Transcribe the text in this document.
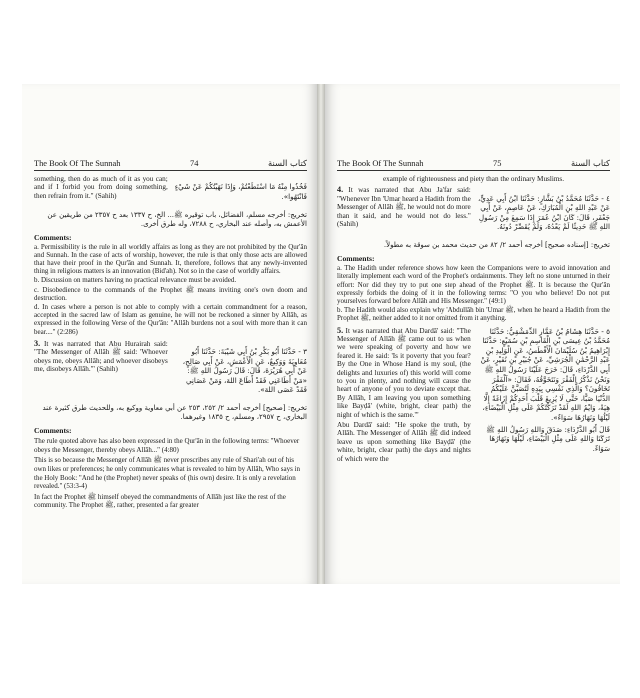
The Book Of The Sunnah	74	كتاب السنة

something, then do as much of it as you can; and if I forbid you from doing something, then refrain from it." (Sahih)

فَخُذُوا مِنْهُ مَا اسْتَطَعْتُمْ، وَإِذَا نَهَيْتُكُمْ عَنْ شَيْءٍ فَانْتَهُوا».

تخريج: أخرجه مسلم، الفضائل، باب توقيره ﷺ... الخ، ح ١٣٣٧ بعد ح ٢٣٥٧ من طريقين عن الأعمش به، وأصله عند البخاري، ح ٧٢٨٨، وله طرق أخرى.

Comments:

a. Permissibility is the rule in all worldly affairs as long as they are not prohibited by the Qur'ān and Sunnah. In the case of acts of worship, however, the rule is that only those acts are allowed that have their proof in the Qur'ān and Sunnah. It, therefore, follows that any newly-invented thing in religious matters is an innovation (Bid'ah). Not so in the case of worldly affairs.

b. Discussion on matters having no practical relevance must be avoided.

c. Disobedience to the commands of the Prophet ﷺ means inviting one's own doom and destruction.

d. In cases where a person is not able to comply with a certain commandment for a reason, accepted in the sacred law of Islam as genuine, he will not be reckoned a sinner by Allāh, as expressed in the following Verse of the Qur'ān: "Allāh burdens not a soul with more than it can bear...." (2:286)

3. It was narrated that Abu Hurairah said: "The Messenger of Allāh ﷺ said: 'Whoever obeys me, obeys Allāh; and whoever disobeys me, disobeys Allāh.'" (Sahih)

٣ - حَدَّثَنَا أَبُو بَكْرِ بْنُ أَبِي شَيْبَةَ: حَدَّثَنَا أَبُو مُعَاوِيَةَ وَوَكِيعٌ، عَنِ الْأَعْمَشِ، عَنْ أَبِي صَالِحٍ، عَنْ أَبِي هُرَيْرَةَ، قَالَ: قَالَ رَسُولُ اللهِ ﷺ: «مَنْ أَطَاعَنِي فَقَدْ أَطَاعَ اللهَ، وَمَنْ عَصَانِي فَقَدْ عَصَى اللهَ».

تخريج: [صحيح] أخرجه أحمد ٢/ ٢٥٢، ٢٥٣ عن أبي معاوية ووكيع به، وللحديث طرق كثيرة عند البخاري، ح ٢٩٥٧، ومسلم، ح ١٨٣٥ وغيرهما.

Comments:

The rule quoted above has also been expressed in the Qur'ān in the following terms: "Whoever obeys the Messenger, thereby obeys Allāh..." (4:80)

This is so because the Messenger of Allāh ﷺ never prescribes any rule of Shari'ah out of his own likes or preferences; he only communicates what is revealed to him by Allāh, Who says in the Holy Book: "And he (the Prophet) never speaks of (his own) desire. It is only a revelation revealed." (53:3-4)

In fact the Prophet ﷺ himself obeyed the commandments of Allāh just like the rest of the community. The Prophet ﷺ, rather, presented a far greater

The Book Of The Sunnah	75	كتاب السنة

example of righteousness and piety than the ordinary Muslims.

4. It was narrated that Abu Ja'far said: "Whenever Ibn 'Umar heard a Hadith from the Messenger of Allāh ﷺ, he would not do more than it said, and he would not do less." (Sahih)

٤ - حَدَّثَنَا مُحَمَّدُ بْنُ بَشَّارٍ: حَدَّثَنَا ابْنُ أَبِي عَدِيٍّ، عَنْ عَبْدِ اللهِ بْنِ الْمُبَارَكِ، عَنْ عَاصِمٍ، عَنْ أَبِي جَعْفَرٍ، قَالَ: كَانَ ابْنُ عُمَرَ إِذَا سَمِعَ مِنْ رَسُولِ اللهِ ﷺ حَدِيثًا لَمْ يَعْدُهُ، وَلَمْ يُقَصِّرْ دُونَهُ.

تخريج: [إسناده صحيح] أخرجه أحمد ٢/ ٨٢ من حديث محمد بن سوقة به مطولاً.

Comments:

a. The Hadith under reference shows how keen the Companions were to avoid innovation and literally implement each word of the Prophet's ordainments. They left no stone unturned in their effort: Nor did they try to put one step ahead of the Prophet ﷺ. It is because the Qur'ān expressly forbids the doing of it in the following terms: "O you who believe! Do not put yourselves forward before Allāh and His Messenger." (49:1)

b. The Hadith would also explain why 'Abdullāh bin 'Umar ﷺ, when he heard a Hadith from the Prophet ﷺ, neither added to it nor omitted from it anything.

5. It was narrated that Abu Dardā' said: "The Messenger of Allāh ﷺ came out to us when we were speaking of poverty and how we feared it. He said: 'Is it poverty that you fear? By the One in Whose Hand is my soul, (the delights and luxuries of) this world will come to you in plenty, and nothing will cause the heart of anyone of you to deviate except that. By Allāh, I am leaving you upon something like Bayḍā' (white, bright, clear path) the night of which is the same.'"

Abu Dardā' said: "He spoke the truth, by Allāh. The Messenger of Allāh ﷺ did indeed leave us upon something like Bayḍā' (the white, bright, clear path) the days and nights of which were the

٥ - حَدَّثَنَا هِشَامُ بْنُ عَمَّارٍ الدِّمَشْقِيُّ: حَدَّثَنَا مُحَمَّدُ بْنُ عِيسَى بْنِ الْقَاسِمِ بْنِ سُمَيْعٍ: حَدَّثَنَا إِبْرَاهِيمُ بْنُ سُلَيْمَانَ الْأَفْطَسُ، عَنِ الْوَلِيدِ بْنِ عَبْدِ الرَّحْمَٰنِ الْجُرَشِيِّ، عَنْ جُبَيْرِ بْنِ نُفَيْرٍ، عَنْ أَبِي الدَّرْدَاءِ، قَالَ: خَرَجَ عَلَيْنَا رَسُولُ اللهِ ﷺ وَنَحْنُ نَذْكُرُ الْفَقْرَ وَنَتَخَوَّفُهُ، فَقَالَ: «آلْفَقْرَ تَخَافُونَ؟ وَالَّذِي نَفْسِي بِيَدِهِ لَتُصَبَّنَّ عَلَيْكُمُ الدُّنْيَا صَبًّا، حَتَّى لَا يُزِيغَ قَلْبَ أَحَدِكُمْ إِزَاغَةً إِلَّا هِيَهْ، وَايْمُ اللهِ لَقَدْ تَرَكْتُكُمْ عَلَى مِثْلِ الْبَيْضَاءِ، لَيْلُهَا وَنَهَارُهَا سَوَاءٌ».

قَالَ أَبُو الدَّرْدَاءِ: صَدَقَ وَاللهِ رَسُولُ اللهِ ﷺ تَرَكَنَا وَاللهِ عَلَى مِثْلِ الْبَيْضَاءِ، لَيْلُهَا وَنَهَارُهَا سَوَاءٌ.
